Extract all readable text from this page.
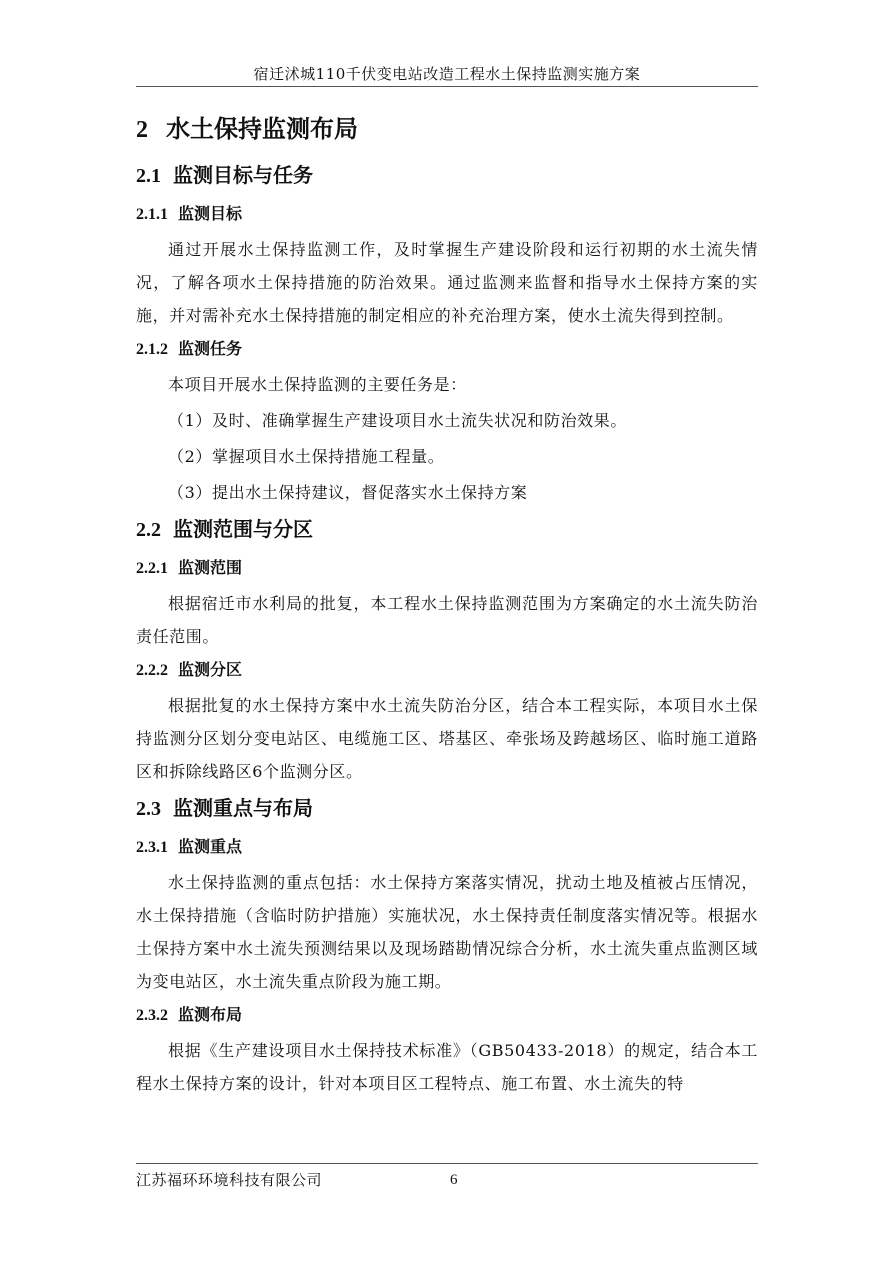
宿迁沭城110千伏变电站改造工程水土保持监测实施方案
2 水土保持监测布局
2.1 监测目标与任务
2.1.1 监测目标

通过开展水土保持监测工作，及时掌握生产建设阶段和运行初期的水土流失情况，了解各项水土保持措施的防治效果。通过监测来监督和指导水土保持方案的实施，并对需补充水土保持措施的制定相应的补充治理方案，使水土流失得到控制。

2.1.2 监测任务

本项目开展水土保持监测的主要任务是：

（1）及时、准确掌握生产建设项目水土流失状况和防治效果。

（2）掌握项目水土保持措施工程量。

（3）提出水土保持建议，督促落实水土保持方案

2.2 监测范围与分区
2.2.1 监测范围

根据宿迁市水利局的批复，本工程水土保持监测范围为方案确定的水土流失防治责任范围。

2.2.2 监测分区

根据批复的水土保持方案中水土流失防治分区，结合本工程实际，本项目水土保持监测分区划分变电站区、电缆施工区、塔基区、牵张场及跨越场区、临时施工道路区和拆除线路区6个监测分区。

2.3 监测重点与布局
2.3.1 监测重点

水土保持监测的重点包括：水土保持方案落实情况，扰动土地及植被占压情况，水土保持措施（含临时防护措施）实施状况，水土保持责任制度落实情况等。根据水土保持方案中水土流失预测结果以及现场踏勘情况综合分析，水土流失重点监测区域为变电站区，水土流失重点阶段为施工期。

2.3.2 监测布局

根据《生产建设项目水土保持技术标准》（GB50433-2018）的规定，结合本工程水土保持方案的设计，针对本项目区工程特点、施工布置、水土流失的特

江苏福环环境科技有限公司	6
